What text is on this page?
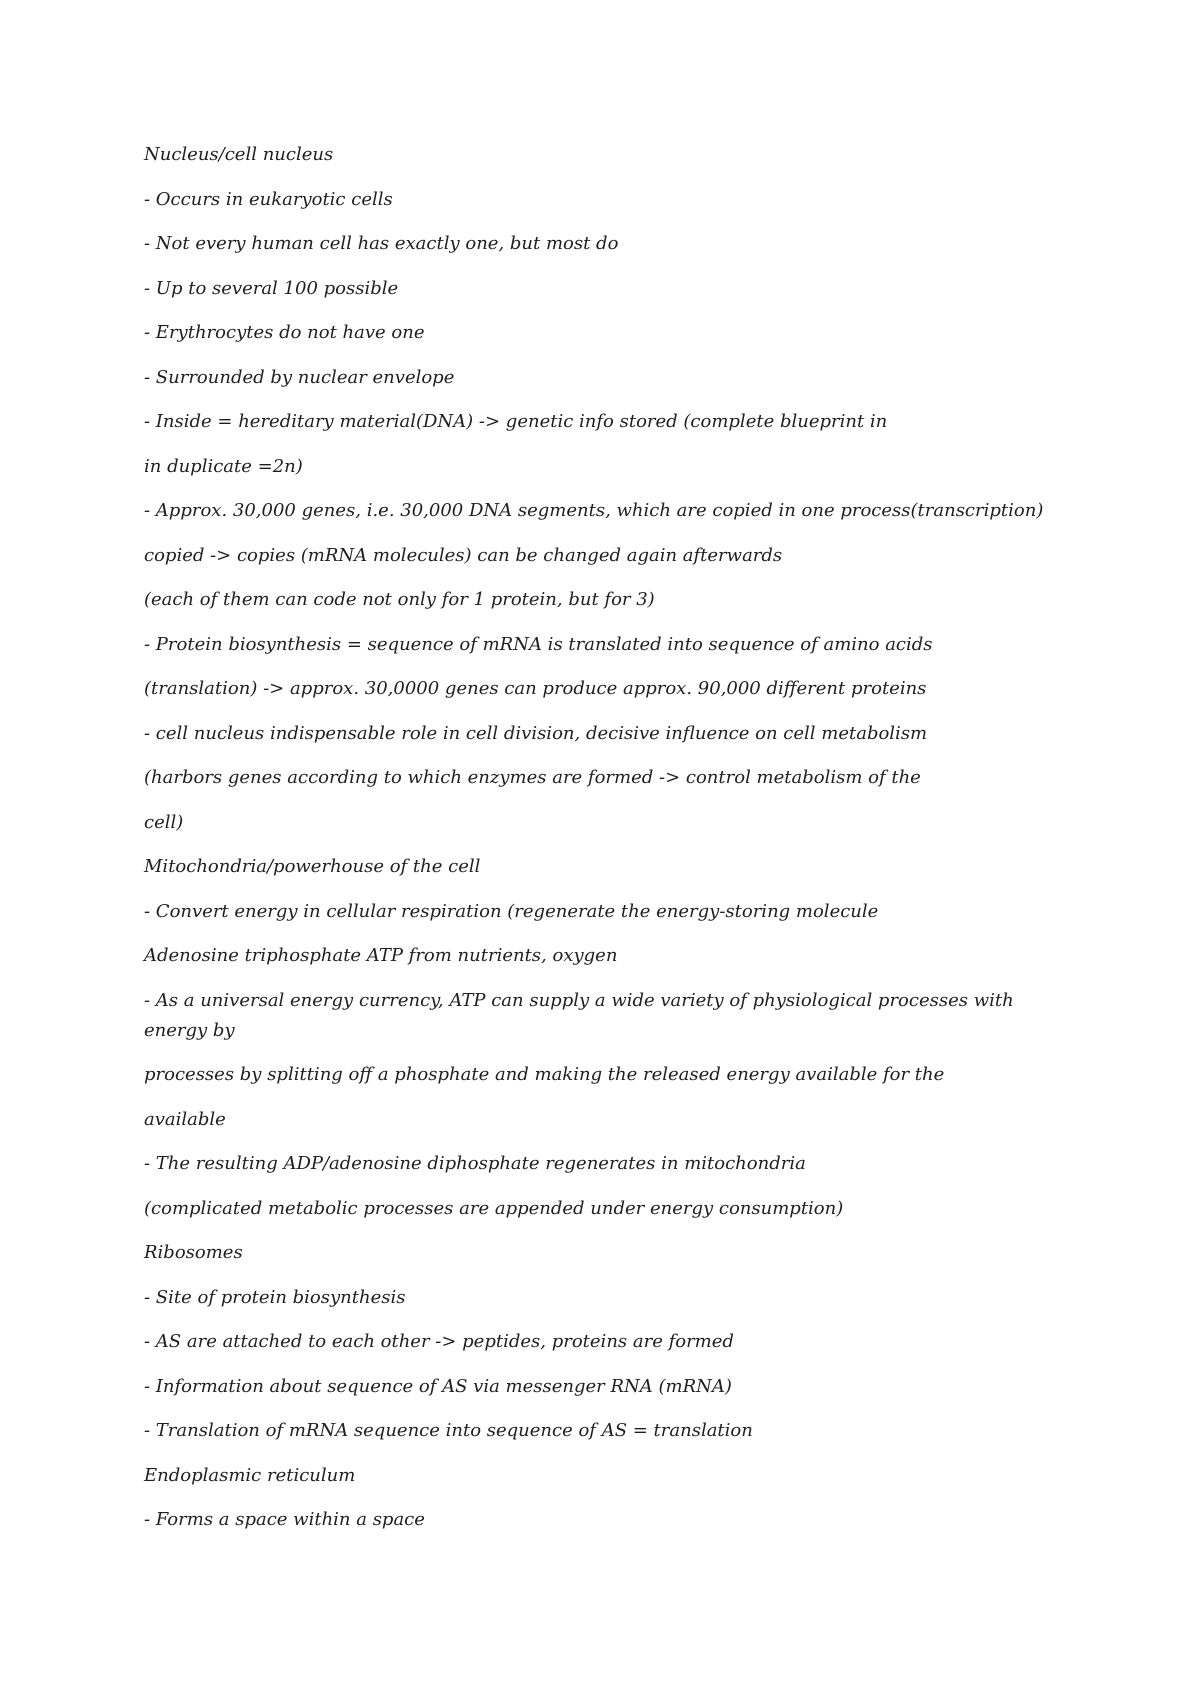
Nucleus/cell nucleus
- Occurs in eukaryotic cells
- Not every human cell has exactly one, but most do
- Up to several 100 possible
- Erythrocytes do not have one
- Surrounded by nuclear envelope
- Inside = hereditary material(DNA) -> genetic info stored (complete blueprint in
in duplicate =2n)
- Approx. 30,000 genes, i.e. 30,000 DNA segments, which are copied in one process(transcription)
copied -> copies (mRNA molecules) can be changed again afterwards
(each of them can code not only for 1 protein, but for 3)
- Protein biosynthesis = sequence of mRNA is translated into sequence of amino acids
(translation) -> approx. 30,0000 genes can produce approx. 90,000 different proteins
- cell nucleus indispensable role in cell division, decisive influence on cell metabolism
(harbors genes according to which enzymes are formed -> control metabolism of the
cell)
Mitochondria/powerhouse of the cell
- Convert energy in cellular respiration (regenerate the energy-storing molecule
Adenosine triphosphate ATP from nutrients, oxygen
- As a universal energy currency, ATP can supply a wide variety of physiological processes with energy by
processes by splitting off a phosphate and making the released energy available for the
available
- The resulting ADP/adenosine diphosphate regenerates in mitochondria
(complicated metabolic processes are appended under energy consumption)
Ribosomes
- Site of protein biosynthesis
- AS are attached to each other -> peptides, proteins are formed
- Information about sequence of AS via messenger RNA (mRNA)
- Translation of mRNA sequence into sequence of AS = translation
Endoplasmic reticulum
- Forms a space within a space
